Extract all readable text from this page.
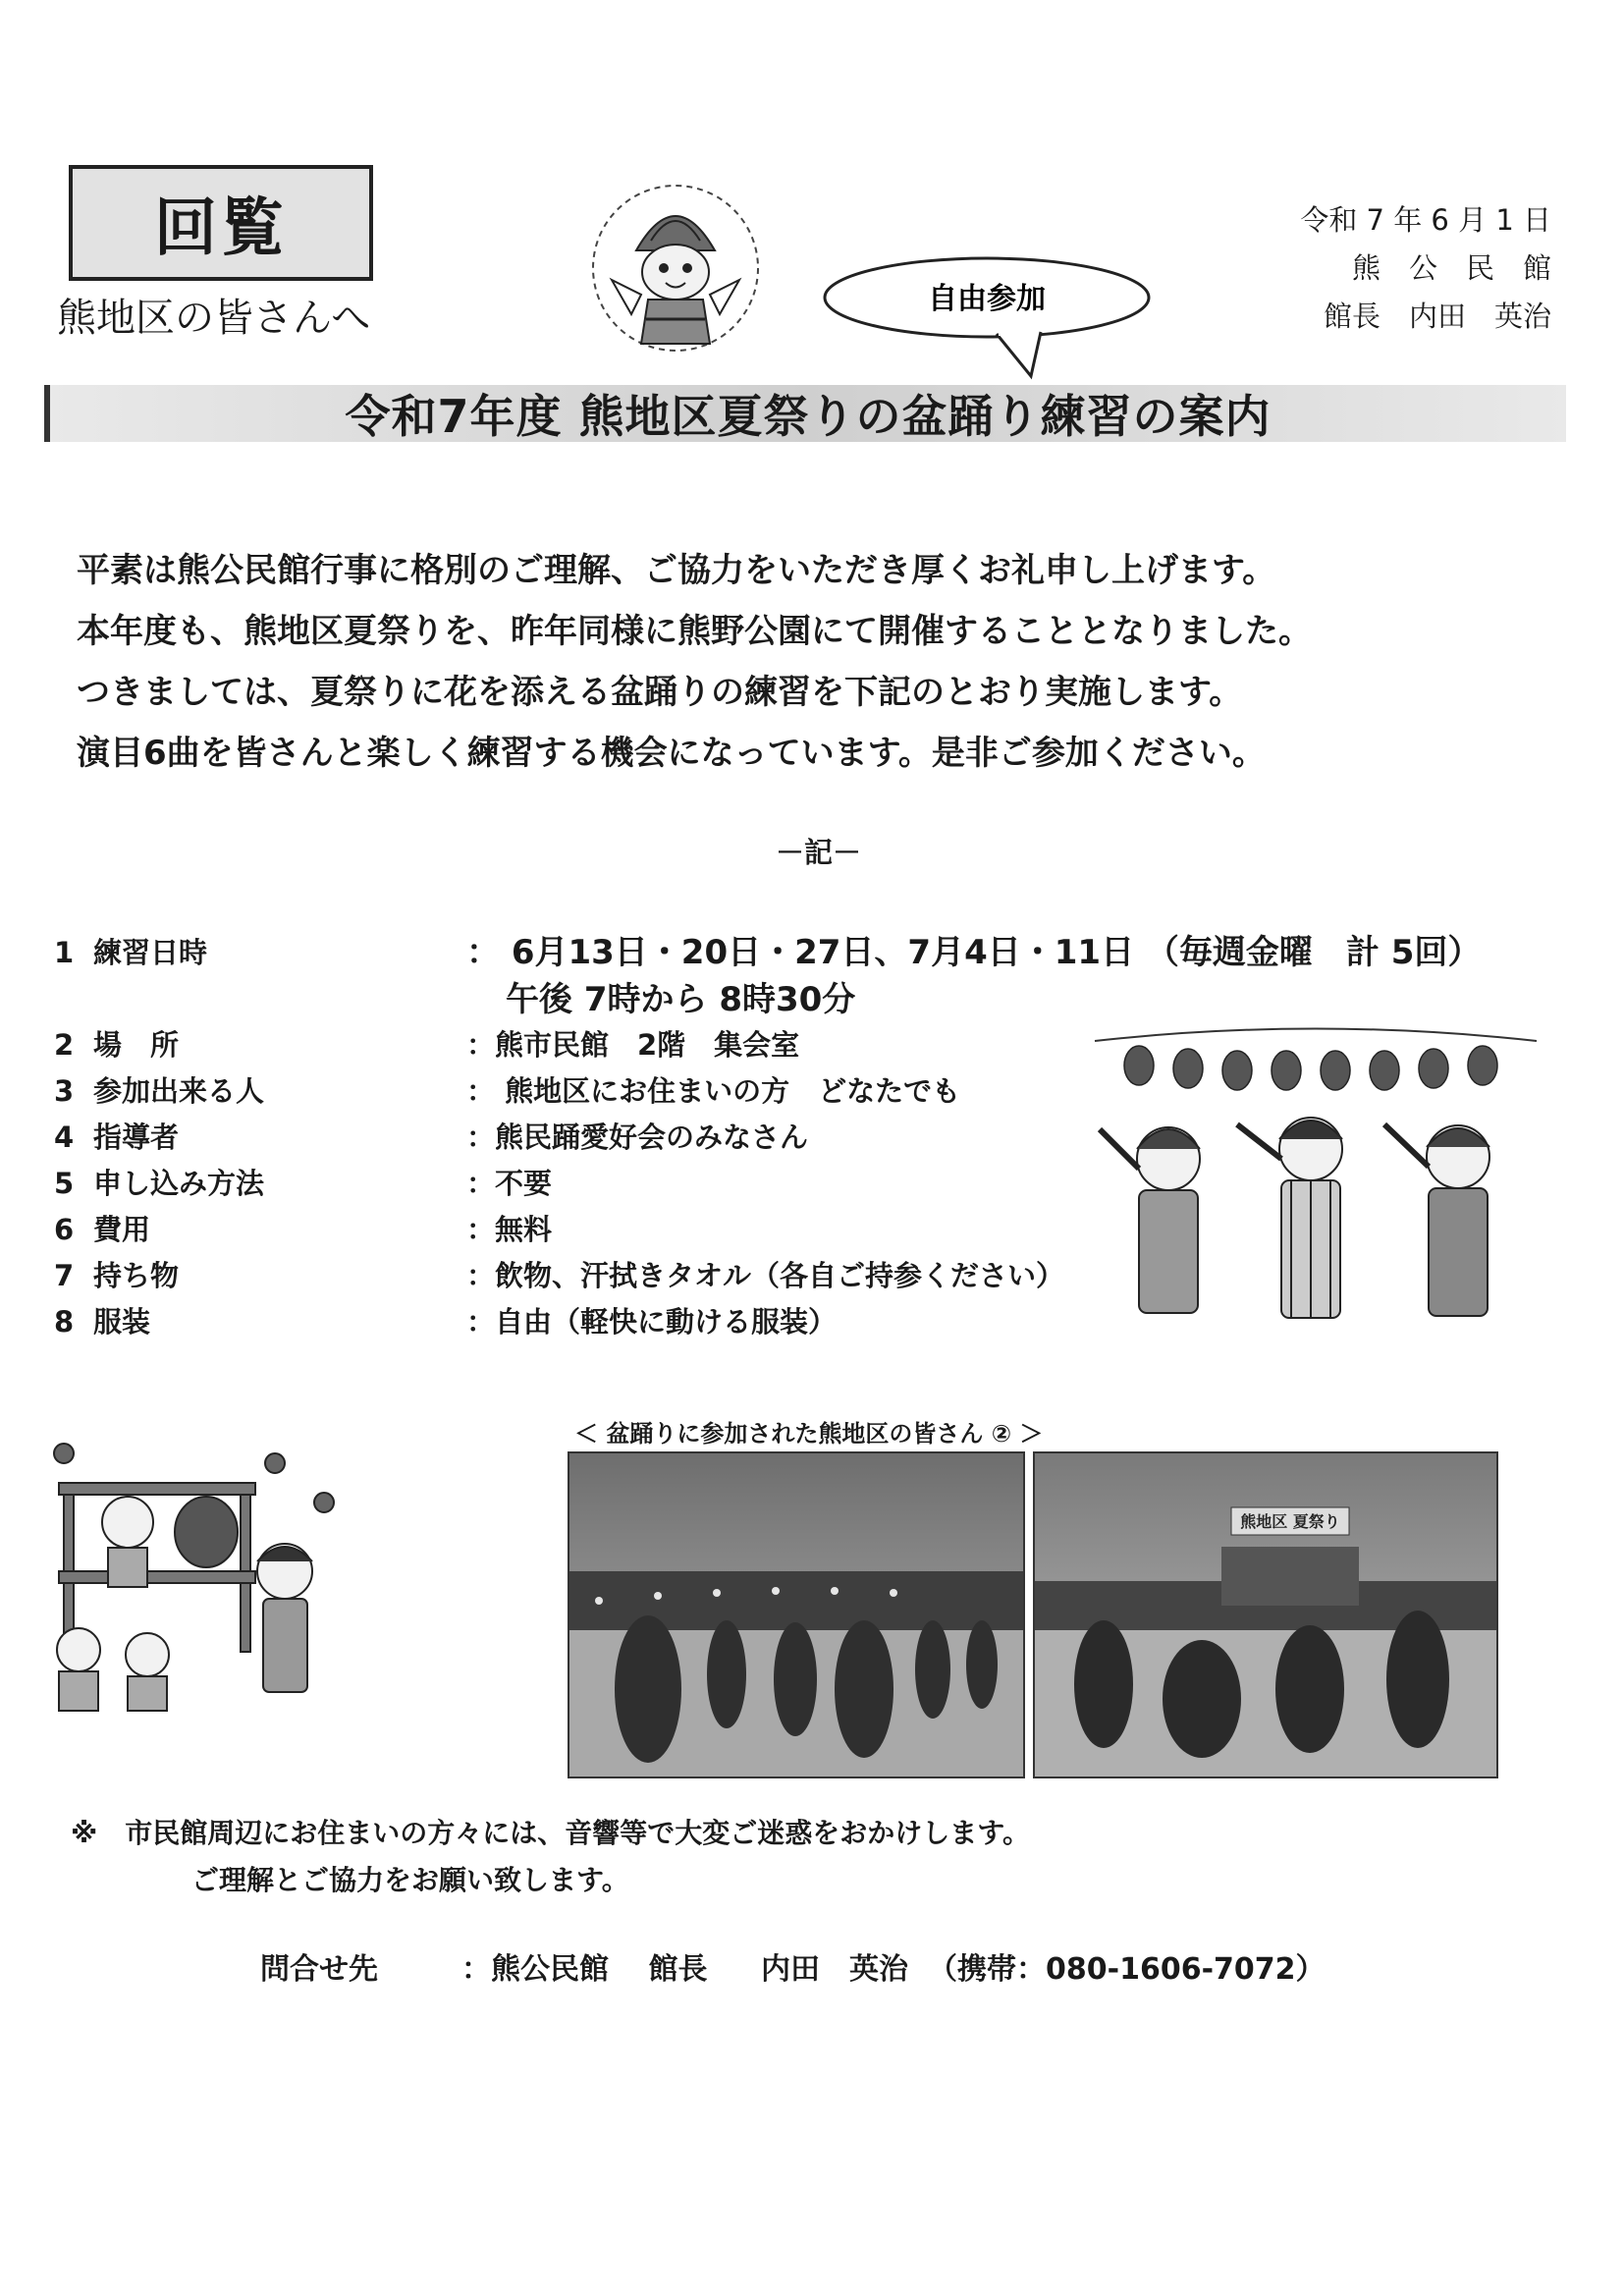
回覧
熊地区の皆さんへ	自由参加
令和 7 年 6 月 1 日
熊　公　民　館
館長　内田　英治
令和7年度 熊地区夏祭りの盆踊り練習の案内
平素は熊公民館行事に格別のご理解、ご協力をいただき厚くお礼申し上げます。
本年度も、熊地区夏祭りを、昨年同様に熊野公園にて開催することとなりました。
つきましては、夏祭りに花を添える盆踊りの練習を下記のとおり実施します。
演目6曲を皆さんと楽しく練習する機会になっています。是非ご参加ください。
－記－
1 練習日時	： 6月13日・20日・27日、7月4日・11日 （毎週金曜　計 5回）
午後 7時から 8時30分
2 場　所	：熊市民館　2階　集会室
3 参加出来る人	： 熊地区にお住まいの方　どなたでも
4 指導者	：熊民踊愛好会のみなさん
5 申し込み方法	：不要
6 費用	：無料
7 持ち物	：飲物、汗拭きタオル（各自ご持参ください）
8 服装	：自由（軽快に動ける服装）
＜ 盆踊りに参加された熊地区の皆さん ② ＞
熊地区 夏祭り
※　市民館周辺にお住まいの方々には、音響等で大変ご迷惑をおかけします。
ご理解とご協力をお願い致します。
問合せ先	：熊公民館　 館長 内田　英治 （携帯：080-1606-7072）
